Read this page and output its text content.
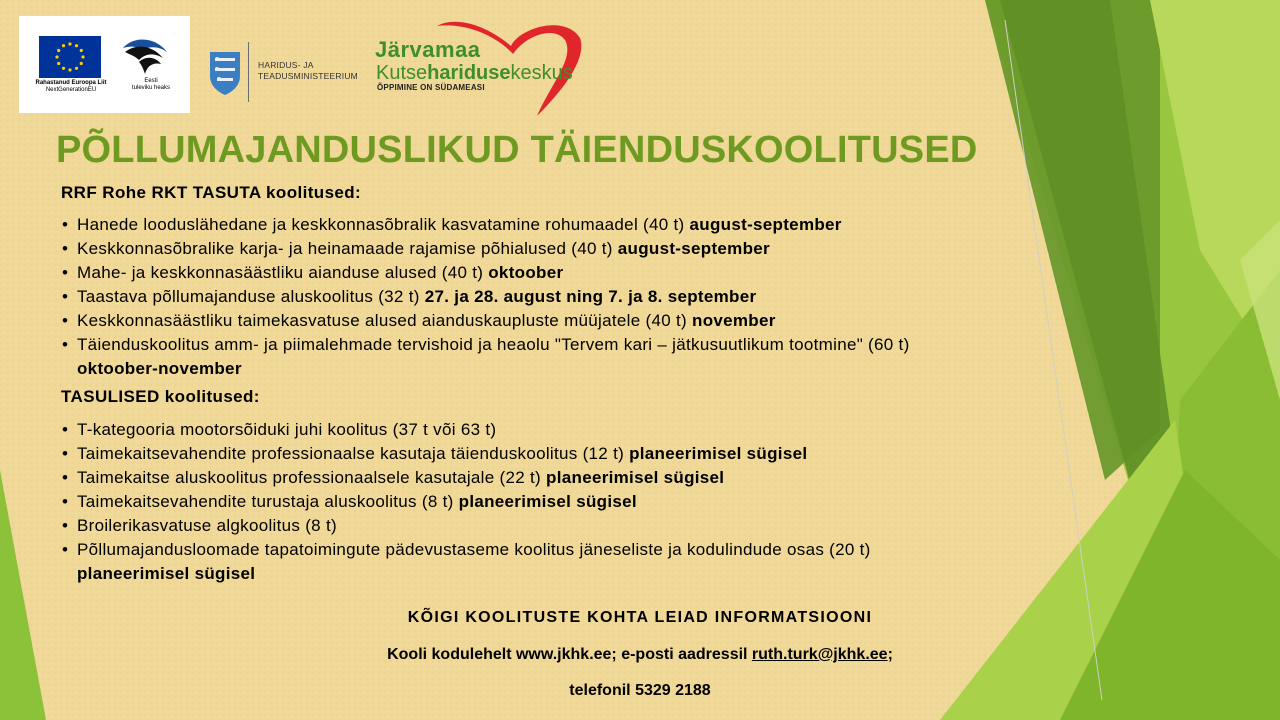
Rahastanud Euroopa Liit
NextGenerationEU
Eesti
tuleviku heaks
HARIDUS- JA
TEADUSMINISTEERIUM
Järvamaa
Kutseharidusekeskus
ÕPPIMINE ON SÜDAMEASI
PÕLLUMAJANDUSLIKUD TÄIENDUSKOOLITUSED
RRF Rohe RKT TASUTA koolitused:
• Hanede looduslähedane ja keskkonnasõbralik kasvatamine rohumaadel (40 t) august-september
• Keskkonnasõbralike karja- ja heinamaade rajamise põhialused (40 t) august-september
• Mahe- ja keskkonnasäästliku aianduse alused (40 t) oktoober
• Taastava põllumajanduse aluskoolitus (32 t) 27. ja 28. august ning 7. ja 8. september
• Keskkonnasäästliku taimekasvatuse alused aianduskaupluste müüjatele (40 t) november
• Täienduskoolitus amm- ja piimalehmade tervishoid ja heaolu "Tervem kari – jätkusuutlikum tootmine" (60 t)
oktoober-november
TASULISED koolitused:
• T-kategooria mootorsõiduki juhi koolitus (37 t või 63 t)
• Taimekaitsevahendite professionaalse kasutaja täienduskoolitus (12 t) planeerimisel sügisel
• Taimekaitse aluskoolitus professionaalsele kasutajale (22 t) planeerimisel sügisel
• Taimekaitsevahendite turustaja aluskoolitus (8 t) planeerimisel sügisel
• Broilerikasvatuse algkoolitus (8 t)
• Põllumajandusloomade tapatoimingute pädevustaseme koolitus jäneseliste ja kodulindude osas (20 t)
planeerimisel sügisel
KÕIGI KOOLITUSTE KOHTA LEIAD INFORMATSIOONI
Kooli kodulehelt www.jkhk.ee; e-posti aadressil ruth.turk@jkhk.ee;
telefonil 5329 2188
